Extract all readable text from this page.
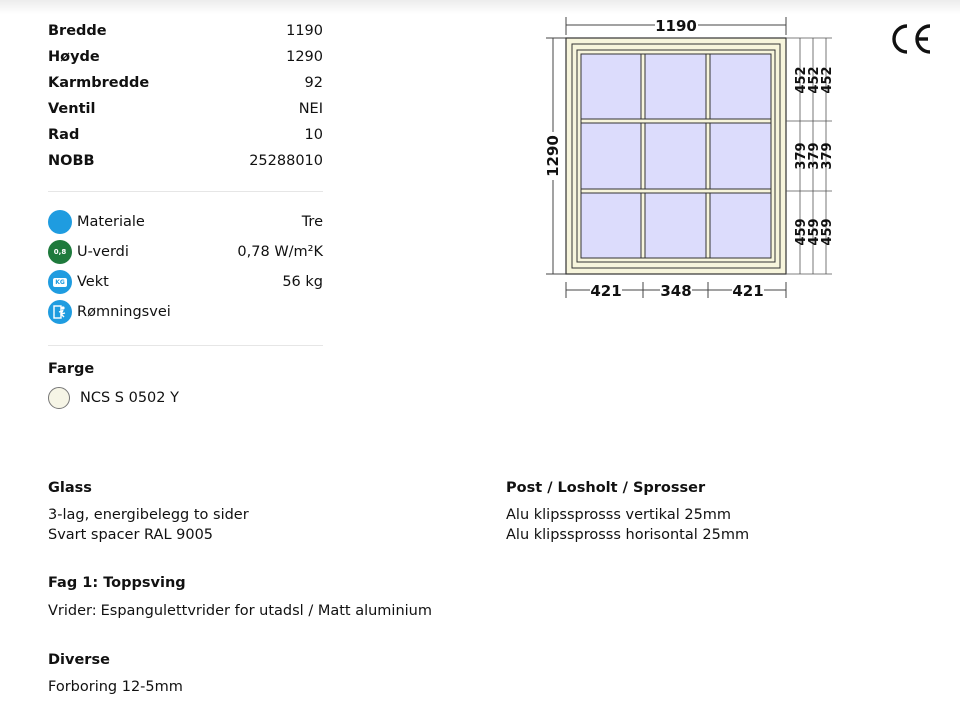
Bredde	1190
Høyde	1290
Karmbredde	92
Ventil	NEI
Rad	10
NOBB	25288010
Materiale	Tre
0,8 U-verdi	0,78 W/m²K
KG Vekt	56 kg
Rømningsvei
Farge
NCS S 0502 Y
Glass
3-lag, energibelegg to sider
Svart spacer RAL 9005
Post / Losholt / Sprosser
Alu klipssprosss vertikal 25mm
Alu klipssprosss horisontal 25mm
Fag 1: Toppsving
Vrider: Espangulettvrider for utadsl / Matt aluminium
Diverse
Forboring 12-5mm
1190
1290
421	348	421
452
452
452
379
379
379
459
459
459
